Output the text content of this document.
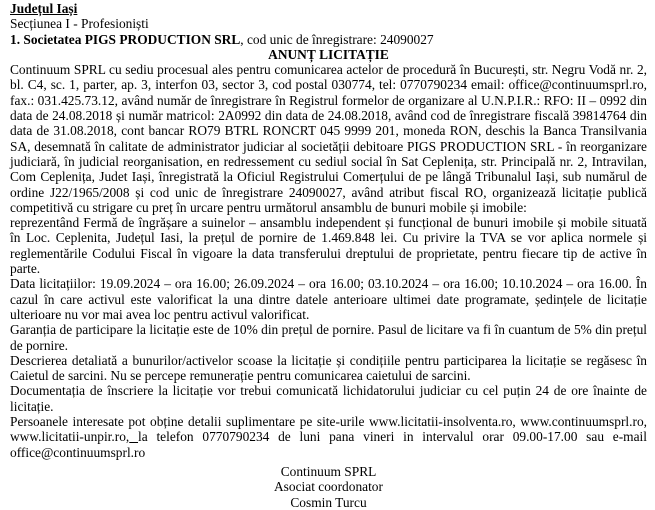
Județul Iași
Secțiunea I - Profesioniști
1. Societatea PIGS PRODUCTION SRL, cod unic de înregistrare: 24090027
ANUNȚ LICITAȚIE

Continuum SPRL cu sediu procesual ales pentru comunicarea actelor de procedură în București, str. Negru Vodă nr. 2, bl. C4, sc. 1, parter, ap. 3, interfon 03, sector 3, cod postal 030774, tel: 0770790234 email: office@continuumsprl.ro, fax.: 031.425.73.12, având număr de înregistrare în Registrul formelor de organizare al U.N.P.I.R.: RFO: II – 0992 din data de 24.08.2018 și număr matricol: 2A0992 din data de 24.08.2018, având cod de înregistrare fiscală 39814764 din data de 31.08.2018, cont bancar RO79 BTRL RONCRT 045 9999 201, moneda RON, deschis la Banca Transilvania SA, desemnată în calitate de administrator judiciar al societății debitoare PIGS PRODUCTION SRL - în reorganizare judiciară, în judicial reorganisation, en redressement cu sediul social în Sat Ceplenița, str. Principală nr. 2, Intravilan, Com Ceplenița, Judet Iași, înregistrată la Oficiul Registrului Comerțului de pe lângă Tribunalul Iași, sub numărul de ordine J22/1965/2008 și cod unic de înregistrare 24090027, având atribut fiscal RO, organizează licitație publică competitivă cu strigare cu preț în urcare pentru următorul ansamblu de bunuri mobile și imobile:

reprezentând Fermă de îngrășare a suinelor – ansamblu independent și funcțional de bunuri imobile și mobile situată în Loc. Ceplenita, Județul Iasi, la prețul de pornire de 1.469.848 lei. Cu privire la TVA se vor aplica normele și reglementările Codului Fiscal în vigoare la data transferului dreptului de proprietate, pentru fiecare tip de active în parte.

Data licitațiilor: 19.09.2024 – ora 16.00; 26.09.2024 – ora 16.00; 03.10.2024 – ora 16.00; 10.10.2024 – ora 16.00. În cazul în care activul este valorificat la una dintre datele anterioare ultimei date programate, ședințele de licitație ulterioare nu vor mai avea loc pentru activul valorificat.

Garanția de participare la licitație este de 10% din prețul de pornire. Pasul de licitare va fi în cuantum de 5% din prețul de pornire.

Descrierea detaliată a bunurilor/activelor scoase la licitație și condițiile pentru participarea la licitație se regăsesc în Caietul de sarcini. Nu se percepe remunerație pentru comunicarea caietului de sarcini.

Documentația de înscriere la licitație vor trebui comunicată lichidatorului judiciar cu cel puțin 24 de ore înainte de licitație.

Persoanele interesate pot obține detalii suplimentare pe site-urile www.licitatii-insolventa.ro, www.continuumsprl.ro, www.licitatii-unpir.ro, la telefon 0770790234 de luni pana vineri in intervalul orar 09.00-17.00 sau e-mail office@continuumsprl.ro

Continuum SPRL
Asociat coordonator
Cosmin Turcu
